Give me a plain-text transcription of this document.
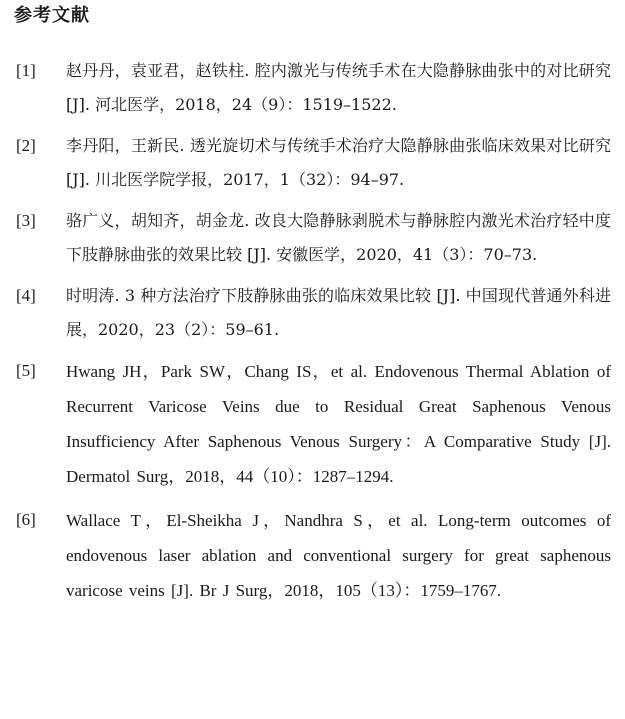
参考文献
[1] 赵丹丹，袁亚君，赵铁柱. 腔内激光与传统手术在大隐静脉曲张中的对比研究 [J]. 河北医学，2018，24（9）：1519–1522.
[2] 李丹阳，王新民. 透光旋切术与传统手术治疗大隐静脉曲张临床效果对比研究 [J]. 川北医学院学报，2017，1（32）：94–97.
[3] 骆广义，胡知齐，胡金龙. 改良大隐静脉剥脱术与静脉腔内激光术治疗轻中度下肢静脉曲张的效果比较 [J]. 安徽医学，2020，41（3）：70–73.
[4] 时明涛. 3 种方法治疗下肢静脉曲张的临床效果比较 [J]. 中国现代普通外科进展，2020，23（2）：59–61.
[5] Hwang JH，Park SW，Chang IS，et al. Endovenous Thermal Ablation of Recurrent Varicose Veins due to Residual Great Saphenous Venous Insufficiency After Saphenous Venous Surgery：A Comparative Study [J]. Dermatol Surg，2018，44（10）：1287–1294.
[6] Wallace T，El-Sheikha J，Nandhra S，et al. Long-term outcomes of endovenous laser ablation and conventional surgery for great saphenous varicose veins [J]. Br J Surg，2018，105（13）：1759–1767.
